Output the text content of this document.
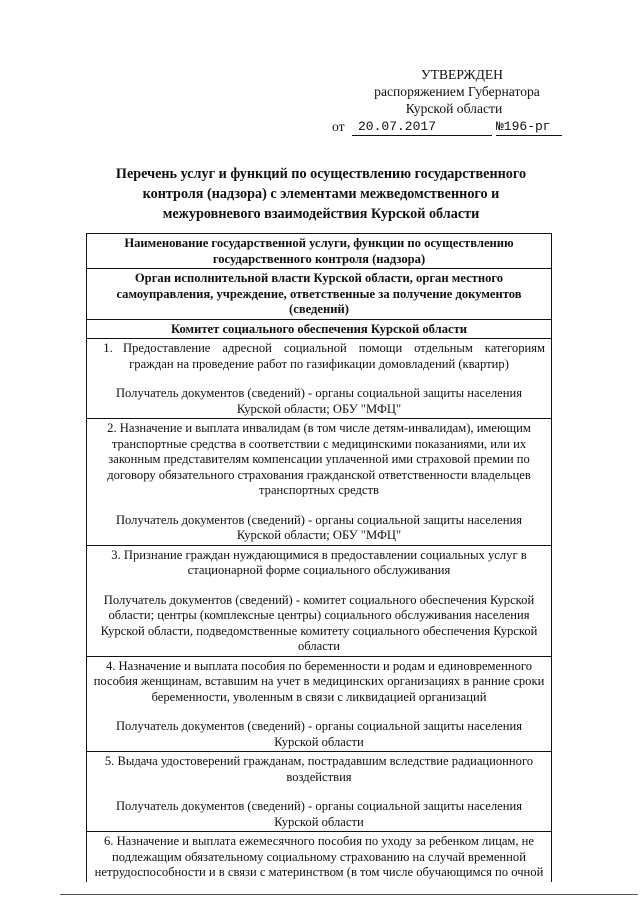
УТВЕРЖДЕН
распоряжением Губернатора
Курской области
от	20.07.2017	№196-рг
Перечень услуг и функций по осуществлению государственного контроля (надзора) с элементами межведомственного и межуровневого взаимодействия Курской области

Наименование государственной услуги, функции по осуществлению государственного контроля (надзора)

Орган исполнительной власти Курской области, орган местного самоуправления, учреждение, ответственные за получение документов (сведений)

Комитет социального обеспечения Курской области

1. Предоставление адресной социальной помощи отдельным категориям граждан на проведение работ по газификации домовладений (квартир)

Получатель документов (сведений) - органы социальной защиты населения Курской области; ОБУ "МФЦ"

2. Назначение и выплата инвалидам (в том числе детям-инвалидам), имеющим транспортные средства в соответствии с медицинскими показаниями, или их законным представителям компенсации уплаченной ими страховой премии по договору обязательного страхования гражданской ответственности владельцев транспортных средств

Получатель документов (сведений) - органы социальной защиты населения Курской области; ОБУ "МФЦ"

3. Признание граждан нуждающимися в предоставлении социальных услуг в стационарной форме социального обслуживания

Получатель документов (сведений) - комитет социального обеспечения Курской области; центры (комплексные центры) социального обслуживания населения Курской области, подведомственные комитету социального обеспечения Курской области

4. Назначение и выплата пособия по беременности и родам и единовременного пособия женщинам, вставшим на учет в медицинских организациях в ранние сроки беременности, уволенным в связи с ликвидацией организаций

Получатель документов (сведений) - органы социальной защиты населения Курской области

5. Выдача удостоверений гражданам, пострадавшим вследствие радиационного воздействия

Получатель документов (сведений) - органы социальной защиты населения Курской области

6. Назначение и выплата ежемесячного пособия по уходу за ребенком лицам, не подлежащим обязательному социальному страхованию на случай временной нетрудоспособности и в связи с материнством (в том числе обучающимся по очной
